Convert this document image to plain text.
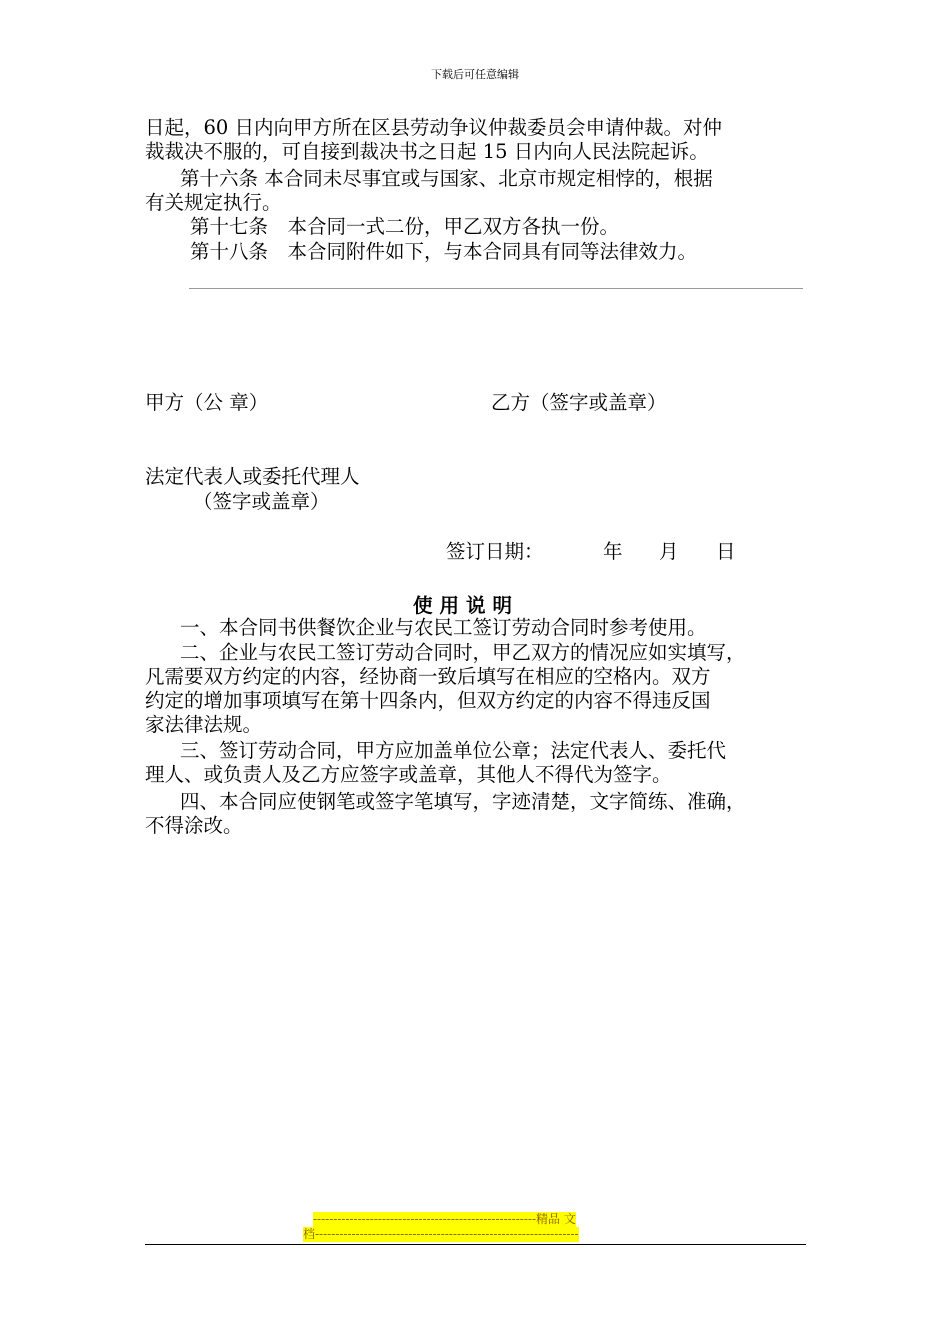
下载后可任意编辑
日起，60 日内向甲方所在区县劳动争议仲裁委员会申请仲裁。对仲
裁裁决不服的，可自接到裁决书之日起 15 日内向人民法院起诉。
第十六条 本合同未尽事宜或与国家、北京市规定相悖的，根据
有关规定执行。
第十七条　本合同一式二份，甲乙双方各执一份。
第十八条　本合同附件如下，与本合同具有同等法律效力。
甲方（公 章）	乙方（签字或盖章）
法定代表人或委托代理人
（签字或盖章）
签订日期：	年 月 日
使用说明
一、本合同书供餐饮企业与农民工签订劳动合同时参考使用。
二、企业与农民工签订劳动合同时，甲乙双方的情况应如实填写，
凡需要双方约定的内容，经协商一致后填写在相应的空格内。双方
约定的增加事项填写在第十四条内，但双方约定的内容不得违反国
家法律法规。
三、签订劳动合同，甲方应加盖单位公章；法定代表人、委托代
理人、或负责人及乙方应签字或盖章，其他人不得代为签字。
四、本合同应使钢笔或签字笔填写，字迹清楚，文字简练、准确，
不得涂改。
-------------------------------------------------------精品 文
档-----------------------------------------------------------------
